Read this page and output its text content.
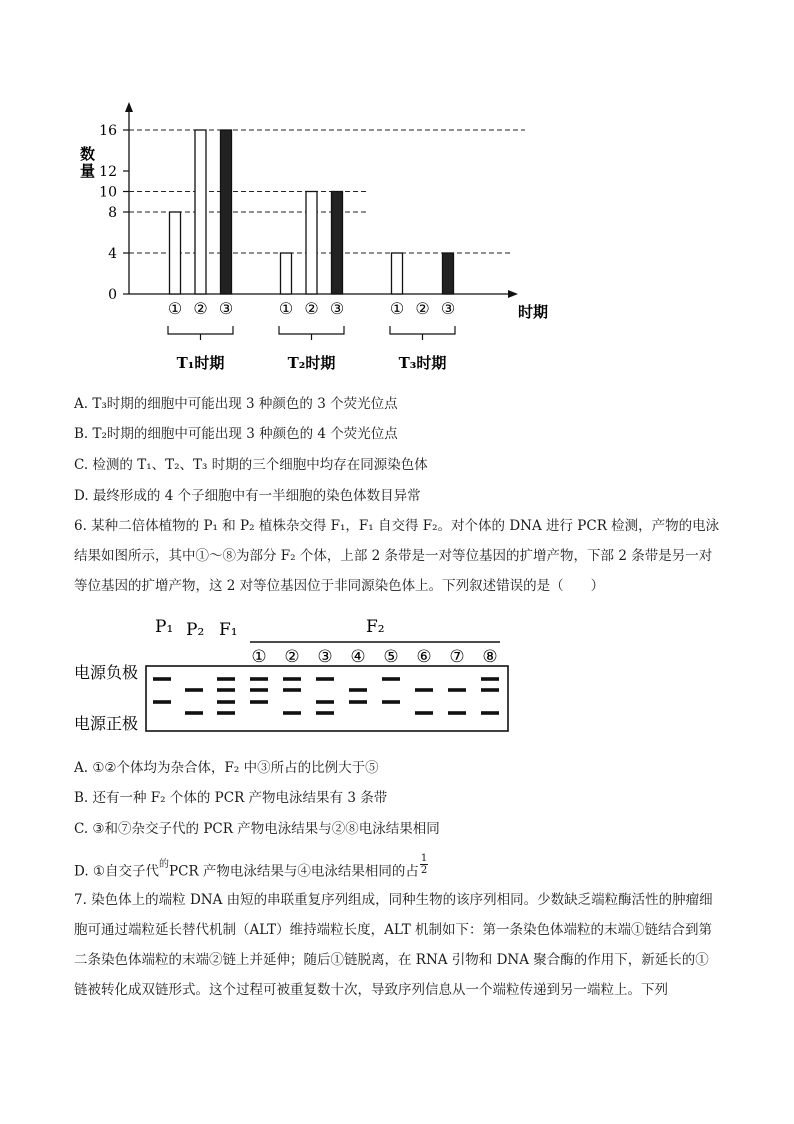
数量
时期
0
4
8
10
12
16
① ② ③	① ② ③	① ② ③
T₁时期	T₂时期	T₃时期
A. T₃时期的细胞中可能出现 3 种颜色的 3 个荧光位点
B. T₂时期的细胞中可能出现 3 种颜色的 4 个荧光位点
C. 检测的 T₁、T₂、T₃ 时期的三个细胞中均存在同源染色体
D. 最终形成的 4 个子细胞中有一半细胞的染色体数目异常
6. 某种二倍体植物的 P₁ 和 P₂ 植株杂交得 F₁，F₁ 自交得 F₂。对个体的 DNA 进行 PCR 检测，产物的电泳结果如图所示，其中①～⑧为部分 F₂ 个体，上部 2 条带是一对等位基因的扩增产物，下部 2 条带是另一对等位基因的扩增产物，这 2 对等位基因位于非同源染色体上。下列叙述错误的是（　　）
P₁ P₂ F₁	F₂
电源负极
电源正极
① ② ③ ④ ⑤ ⑥ ⑦ ⑧
A. ①②个体均为杂合体，F₂ 中③所占的比例大于⑤
B. 还有一种 F₂ 个体的 PCR 产物电泳结果有 3 条带
C. ③和⑦杂交子代的 PCR 产物电泳结果与②⑧电泳结果相同
D. ①自交子代$^的$PCR 产物电泳结果与④电泳结果相同的占 $\frac{1}{2}$
7. 染色体上的端粒 DNA 由短的串联重复序列组成，同种生物的该序列相同。少数缺乏端粒酶活性的肿瘤细胞可通过端粒延长替代机制（ALT）维持端粒长度，ALT 机制如下：第一条染色体端粒的末端①链结合到第二条染色体端粒的末端②链上并延伸；随后①链脱离，在 RNA 引物和 DNA 聚合酶的作用下，新延长的①链被转化成双链形式。这个过程可被重复数十次，导致序列信息从一个端粒传递到另一端粒上。下列
